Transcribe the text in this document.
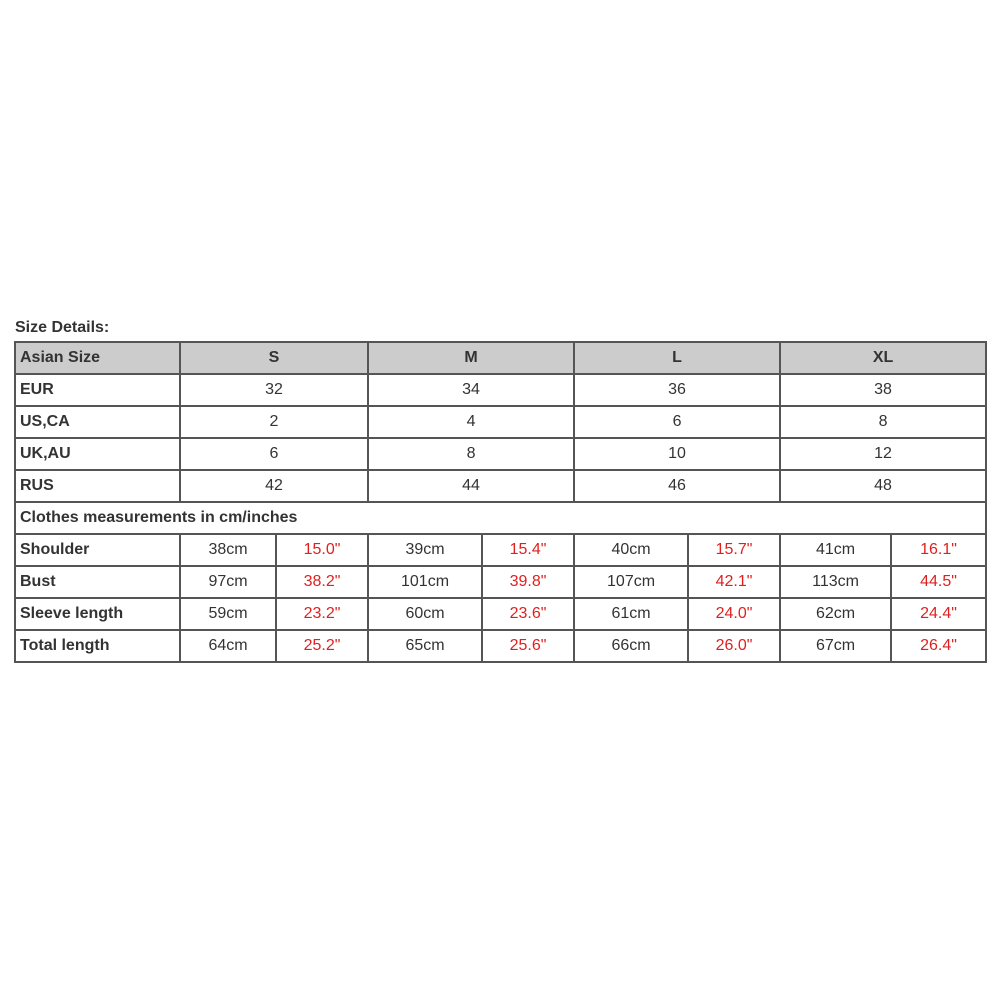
Size Details:
Asian Size	S		M		L		XL	
EUR	32		34		36		38	
US,CA	2		4		6		8	
UK,AU	6		8		10		12	
RUS	42		44		46		48	
Clothes measurements in cm/inches								
Shoulder	38cm	15.0"	39cm	15.4"	40cm	15.7"	41cm	16.1"
Bust	97cm	38.2"	101cm	39.8"	107cm	42.1"	113cm	44.5"
Sleeve length	59cm	23.2"	60cm	23.6"	61cm	24.0"	62cm	24.4"
Total length	64cm	25.2"	65cm	25.6"	66cm	26.0"	67cm	26.4"
